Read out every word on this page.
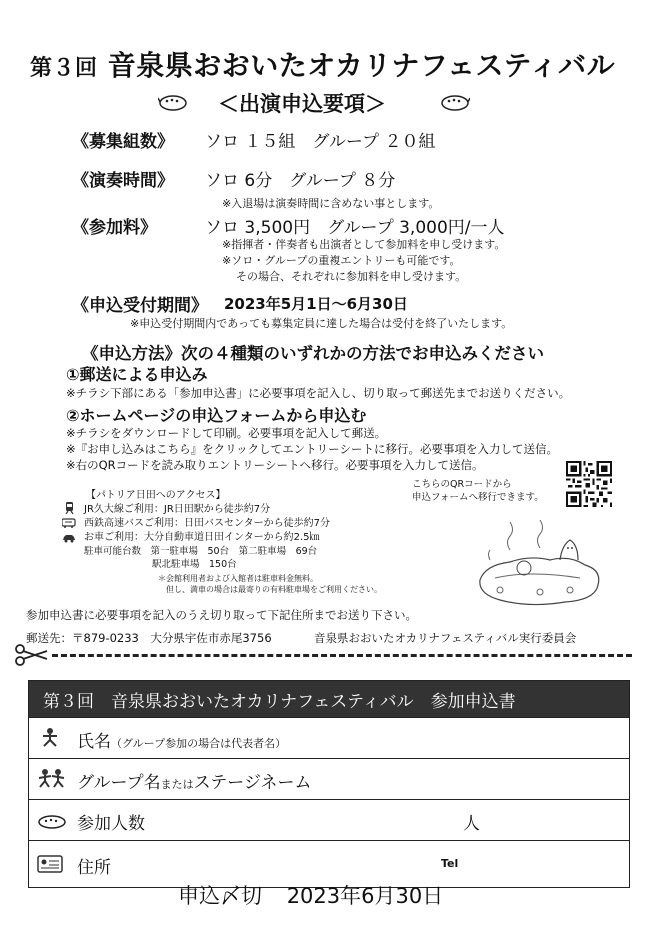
第３回 音泉県おおいたオカリナフェスティバル
＜出演申込要項＞
《募集組数》 ソロ １５組　グループ ２０組
《演奏時間》 ソロ 6分　グループ ８分
※入退場は演奏時間に含めない事とします。
《参加料》	ソロ 3,500円　グループ 3,000円/一人
※指揮者・伴奏者も出演者として参加料を申し受けます。
※ソロ・グループの重複エントリーも可能です。
その場合、それぞれに参加料を申し受けます。
《申込受付期間》 2023年5月1日〜6月30日
※申込受付期間内であっても募集定員に達した場合は受付を終了いたします。
《申込方法》次の４種類のいずれかの方法でお申込みください
①郵送による申込み
※チラシ下部にある「参加申込書」に必要事項を記入し、切り取って郵送先までお送りください。
②ホームページの申込フォームから申込む
※チラシをダウンロードして印刷。必要事項を記入して郵送。
※『お申し込みはこちら』をクリックしてエントリーシートに移行。必要事項を入力して送信。
※右のQRコードを読み取りエントリーシートへ移行。必要事項を入力して送信。
こちらのQRコードから
申込フォームへ移行できます。
【パトリア日田へのアクセス】
JR久大線ご利用：JR日田駅から徒歩約7分
西鉄高速バスご利用：日田バスセンターから徒歩約7分
お車ご利用：大分自動車道日田インターから約2.5㎞
駐車可能台数　第一駐車場　50台　第二駐車場　69台
駅北駐車場　150台
＊会館利用者および入館者は駐車料金無料。
但し、満車の場合は最寄りの有料駐車場をご利用ください。
参加申込書に必要事項を記入のうえ切り取って下記住所までお送り下さい。
郵送先：〒879-0233　大分県宇佐市赤尾3756	音泉県おおいたオカリナフェスティバル実行委員会
第３回　音泉県おおいたオカリナフェスティバル　参加申込書

氏名（グループ参加の場合は代表者名）

グループ名またはステージネーム

参加人数	人

住所	Tel
申込〆切 2023年6月30日
